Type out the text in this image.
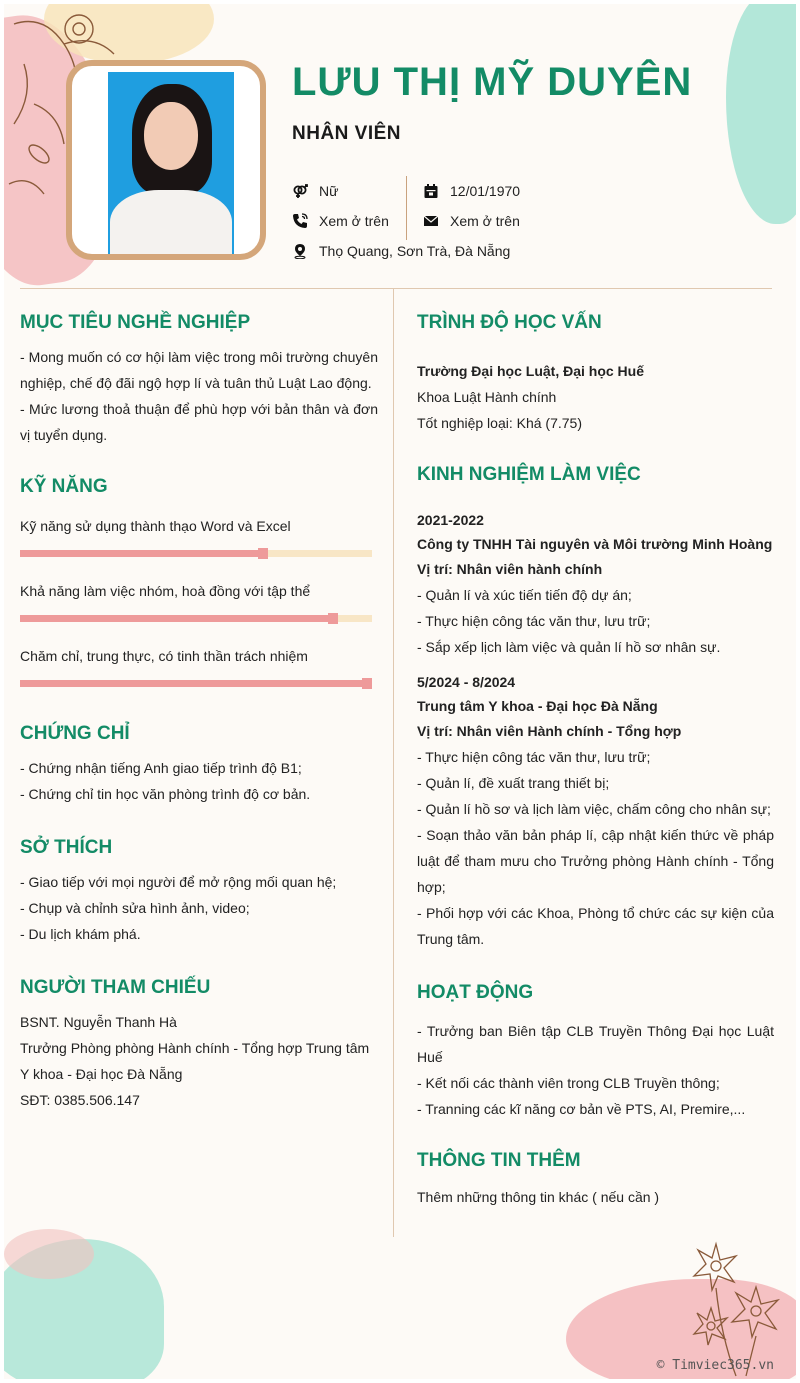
LƯU THỊ MỸ DUYÊN
NHÂN VIÊN
Nữ
Xem ở trên
Thọ Quang, Sơn Trà, Đà Nẵng
12/01/1970
Xem ở trên
MỤC TIÊU NGHỀ NGHIỆP
- Mong muốn có cơ hội làm việc trong môi trường chuyên nghiệp, chế độ đãi ngộ hợp lí và tuân thủ Luật Lao động.
- Mức lương thoả thuận để phù hợp với bản thân và đơn vị tuyển dụng.
KỸ NĂNG
Kỹ năng sử dụng thành thạo Word và Excel
Khả năng làm việc nhóm, hoà đồng với tập thể
Chăm chỉ, trung thực, có tinh thần trách nhiệm
CHỨNG CHỈ
- Chứng nhận tiếng Anh giao tiếp trình độ B1;
- Chứng chỉ tin học văn phòng trình độ cơ bản.
SỞ THÍCH
- Giao tiếp với mọi người để mở rộng mối quan hệ;
- Chụp và chỉnh sửa hình ảnh, video;
- Du lịch khám phá.
NGƯỜI THAM CHIẾU
BSNT. Nguyễn Thanh Hà
Trưởng Phòng phòng Hành chính - Tổng hợp Trung tâm Y khoa - Đại học Đà Nẵng
SĐT: 0385.506.147
TRÌNH ĐỘ HỌC VẤN
Trường Đại học Luật, Đại học Huế
Khoa Luật Hành chính
Tốt nghiệp loại: Khá (7.75)
KINH NGHIỆM LÀM VIỆC
2021-2022
Công ty TNHH Tài nguyên và Môi trường Minh Hoàng
Vị trí: Nhân viên hành chính
- Quản lí và xúc tiến tiến độ dự án;
- Thực hiện công tác văn thư, lưu trữ;
- Sắp xếp lịch làm việc và quản lí hồ sơ nhân sự.
5/2024 - 8/2024
Trung tâm Y khoa - Đại học Đà Nẵng
Vị trí: Nhân viên Hành chính - Tổng hợp
- Thực hiện công tác văn thư, lưu trữ;
- Quản lí, đề xuất trang thiết bị;
- Quản lí hồ sơ và lịch làm việc, chấm công cho nhân sự;
- Soạn thảo văn bản pháp lí, cập nhật kiến thức về pháp luật để tham mưu cho Trưởng phòng Hành chính - Tổng hợp;
- Phối hợp với các Khoa, Phòng tổ chức các sự kiện của Trung tâm.
HOẠT ĐỘNG
- Trưởng ban Biên tập CLB Truyền Thông Đại học Luật Huế
- Kết nối các thành viên trong CLB Truyền thông;
- Tranning các kĩ năng cơ bản về PTS, AI, Premire,...
THÔNG TIN THÊM
Thêm những thông tin khác ( nếu cần )
© Timviec365.vn
